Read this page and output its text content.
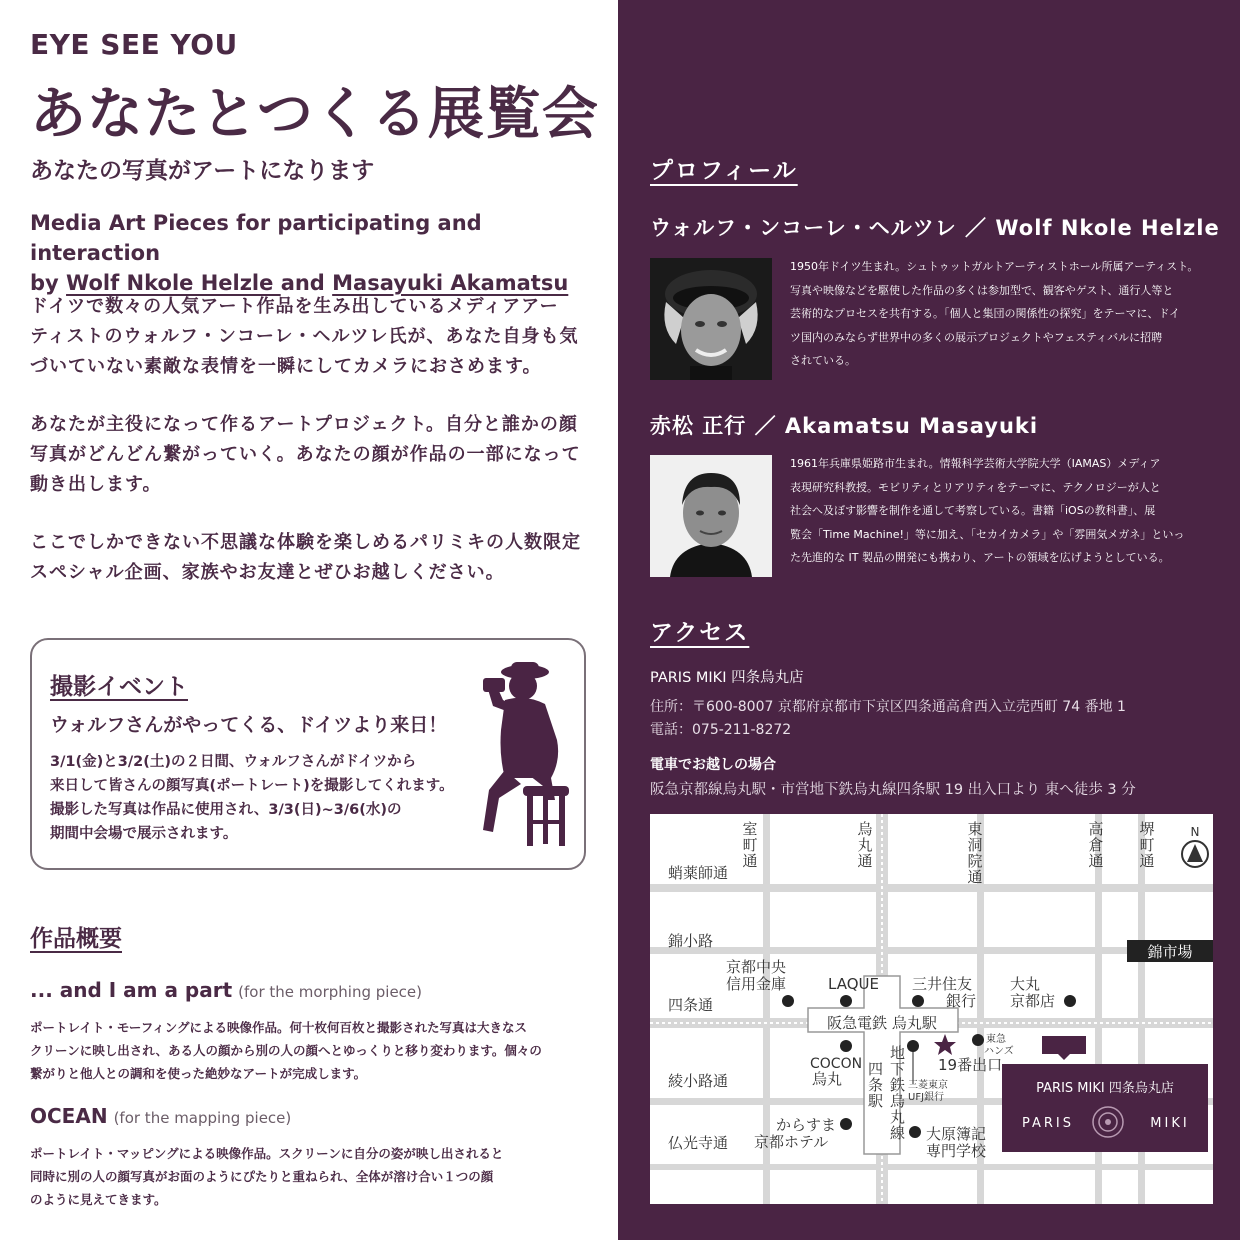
EYE SEE YOU
あなたとつくる展覧会
あなたの写真がアートになります
Media Art Pieces for participating and interaction
by Wolf Nkole Helzle and Masayuki Akamatsu
ドイツで数々の人気アート作品を生み出しているメディアアー
ティストのウォルフ・ンコーレ・ヘルツレ氏が、あなた自身も気
づいていない素敵な表情を一瞬にしてカメラにおさめます。
あなたが主役になって作るアートプロジェクト。自分と誰かの顔
写真がどんどん繋がっていく。あなたの顔が作品の一部になって
動き出します。
ここでしかできない不思議な体験を楽しめるパリミキの人数限定
スペシャル企画、家族やお友達とぜひお越しください。
撮影イベント
ウォルフさんがやってくる、ドイツより来日！
3/1(金)と3/2(土)の２日間、ウォルフさんがドイツから
来日して皆さんの顔写真(ポートレート)を撮影してくれます。
撮影した写真は作品に使用され、3/3(日)~3/6(水)の
期間中会場で展示されます。
作品概要
... and I am a part (for the morphing piece)
ポートレイト・モーフィングによる映像作品。何十枚何百枚と撮影された写真は大きなス
クリーンに映し出され、ある人の顔から別の人の顔へとゆっくりと移り変わります。個々の
繋がりと他人との調和を使った絶妙なアートが完成します。
OCEAN (for the mapping piece)
ポートレイト・マッピングによる映像作品。スクリーンに自分の姿が映し出されると
同時に別の人の顔写真がお面のようにぴたりと重ねられ、全体が溶け合い１つの顔
のように見えてきます。
プロフィール
ウォルフ・ンコーレ・ヘルツレ ／ Wolf Nkole Helzle
1950年ドイツ生まれ。シュトゥットガルトアーティストホール所属アーティスト。
写真や映像などを駆使した作品の多くは参加型で、観客やゲスト、通行人等と
芸術的なプロセスを共有する。「個人と集団の関係性の探究」をテーマに、ドイ
ツ国内のみならず世界中の多くの展示プロジェクトやフェスティバルに招聘
されている。
赤松 正行 ／ Akamatsu Masayuki
1961年兵庫県姫路市生まれ。情報科学芸術大学院大学（IAMAS）メディア
表現研究科教授。モビリティとリアリティをテーマに、テクノロジーが人と
社会へ及ぼす影響を制作を通して考察している。書籍「iOSの教科書」、展
覧会「Time Machine!」等に加え、「セカイカメラ」や「雰囲気メガネ」といっ
た先進的な IT 製品の開発にも携わり、アートの領域を広げようとしている。
アクセス
PARIS MIKI 四条烏丸店
住所：〒600-8007 京都府京都市下京区四条通高倉西入立売西町 74 番地 1
電話：075-211-8272
電車でお越しの場合
阪急京都線烏丸駅・市営地下鉄烏丸線四条駅 19 出入口より 東へ徒歩 3 分
室町通
烏丸通
東洞院通
高倉通
堺町通
蛸薬師通
錦小路
四条通
綾小路通
仏光寺通
錦市場
N
阪急電鉄 烏丸駅
京都中央
信用金庫	LAQUE 三井住友
銀行
大丸
京都店
19番出口
COCON
烏丸
からすま
京都ホテル	大原簿記
専門学校
東急
ハンズ
三菱東京
UFJ銀行
地
四 下
条 鉄
駅 烏
丸
線
PARIS MIKI 四条烏丸店
PARIS	MIKI
